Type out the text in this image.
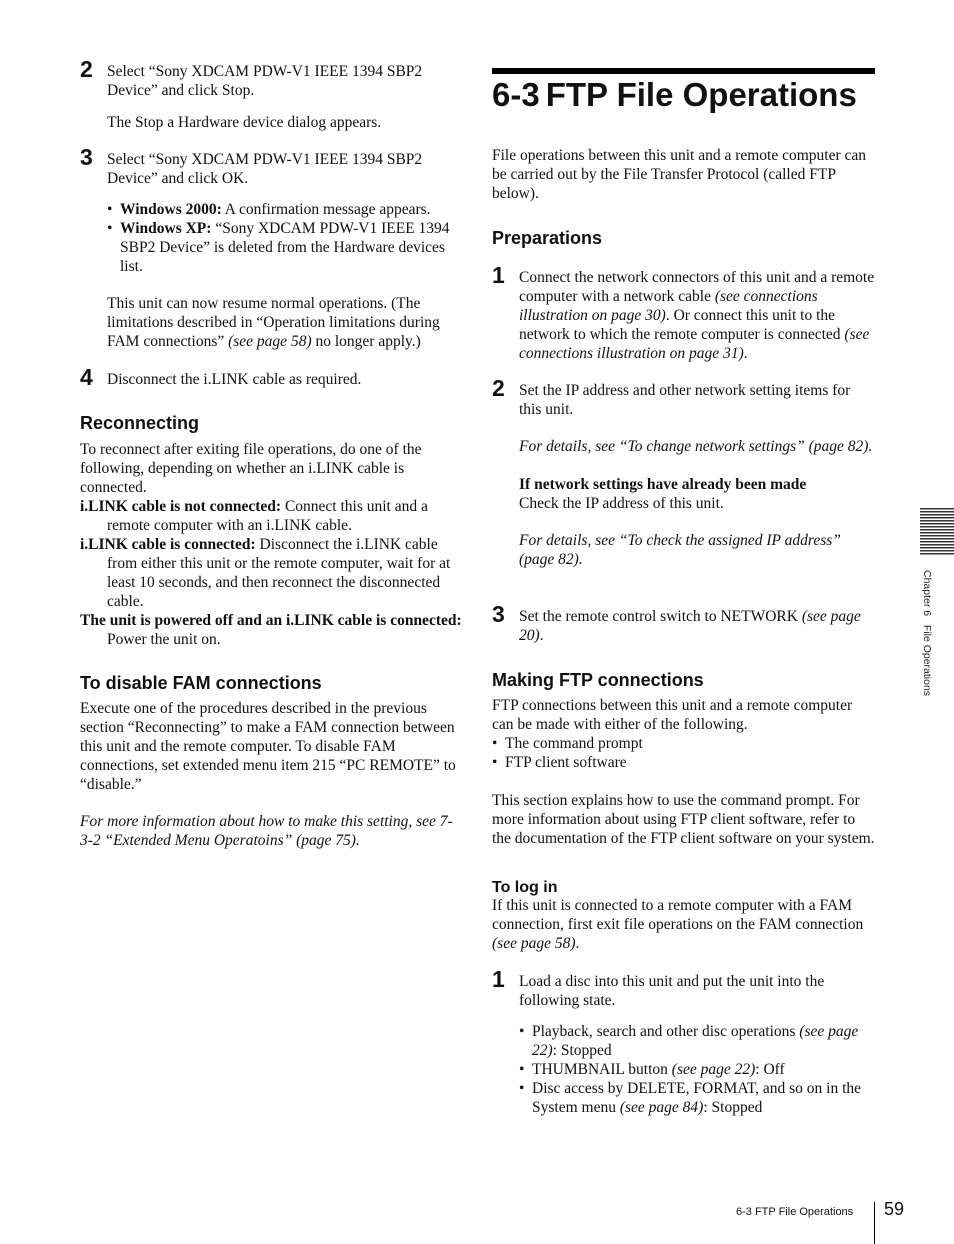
2 Select “Sony XDCAM PDW-V1 IEEE 1394 SBP2 Device” and click Stop.

The Stop a Hardware device dialog appears.

3 Select “Sony XDCAM PDW-V1 IEEE 1394 SBP2 Device” and click OK.

• Windows 2000: A confirmation message appears.
• Windows XP: “Sony XDCAM PDW-V1 IEEE 1394 SBP2 Device” is deleted from the Hardware devices list.

This unit can now resume normal operations. (The limitations described in “Operation limitations during FAM connections” (see page 58) no longer apply.)

4 Disconnect the i.LINK cable as required.

Reconnecting

To reconnect after exiting file operations, do one of the following, depending on whether an i.LINK cable is connected.

i.LINK cable is not connected: Connect this unit and a remote computer with an i.LINK cable.

i.LINK cable is connected: Disconnect the i.LINK cable from either this unit or the remote computer, wait for at least 10 seconds, and then reconnect the disconnected cable.

The unit is powered off and an i.LINK cable is connected: Power the unit on.

To disable FAM connections

Execute one of the procedures described in the previous section “Reconnecting” to make a FAM connection between this unit and the remote computer. To disable FAM connections, set extended menu item 215 “PC REMOTE” to “disable.”

For more information about how to make this setting, see 7-3-2 “Extended Menu Operatoins” (page 75).

6-3 FTP File Operations

File operations between this unit and a remote computer can be carried out by the File Transfer Protocol (called FTP below).

Preparations
1 Connect the network connectors of this unit and a remote computer with a network cable (see connections illustration on page 30). Or connect this unit to the network to which the remote computer is connected (see connections illustration on page 31).

2 Set the IP address and other network setting items for this unit.

For details, see “To change network settings” (page 82).

If network settings have already been made

Check the IP address of this unit.

For details, see “To check the assigned IP address” (page 82).

3 Set the remote control switch to NETWORK (see page 20).

Making FTP connections

FTP connections between this unit and a remote computer can be made with either of the following.

• The command prompt
• FTP client software

This section explains how to use the command prompt. For more information about using FTP client software, refer to the documentation of the FTP client software on your system.

To log in

If this unit is connected to a remote computer with a FAM connection, first exit file operations on the FAM connection (see page 58).

1 Load a disc into this unit and put the unit into the following state.

• Playback, search and other disc operations (see page 22): Stopped
• THUMBNAIL button (see page 22): Off
• Disc access by DELETE, FORMAT, and so on in the System menu (see page 84): Stopped
Chapter 6   File Operations
6-3 FTP File Operations 59
